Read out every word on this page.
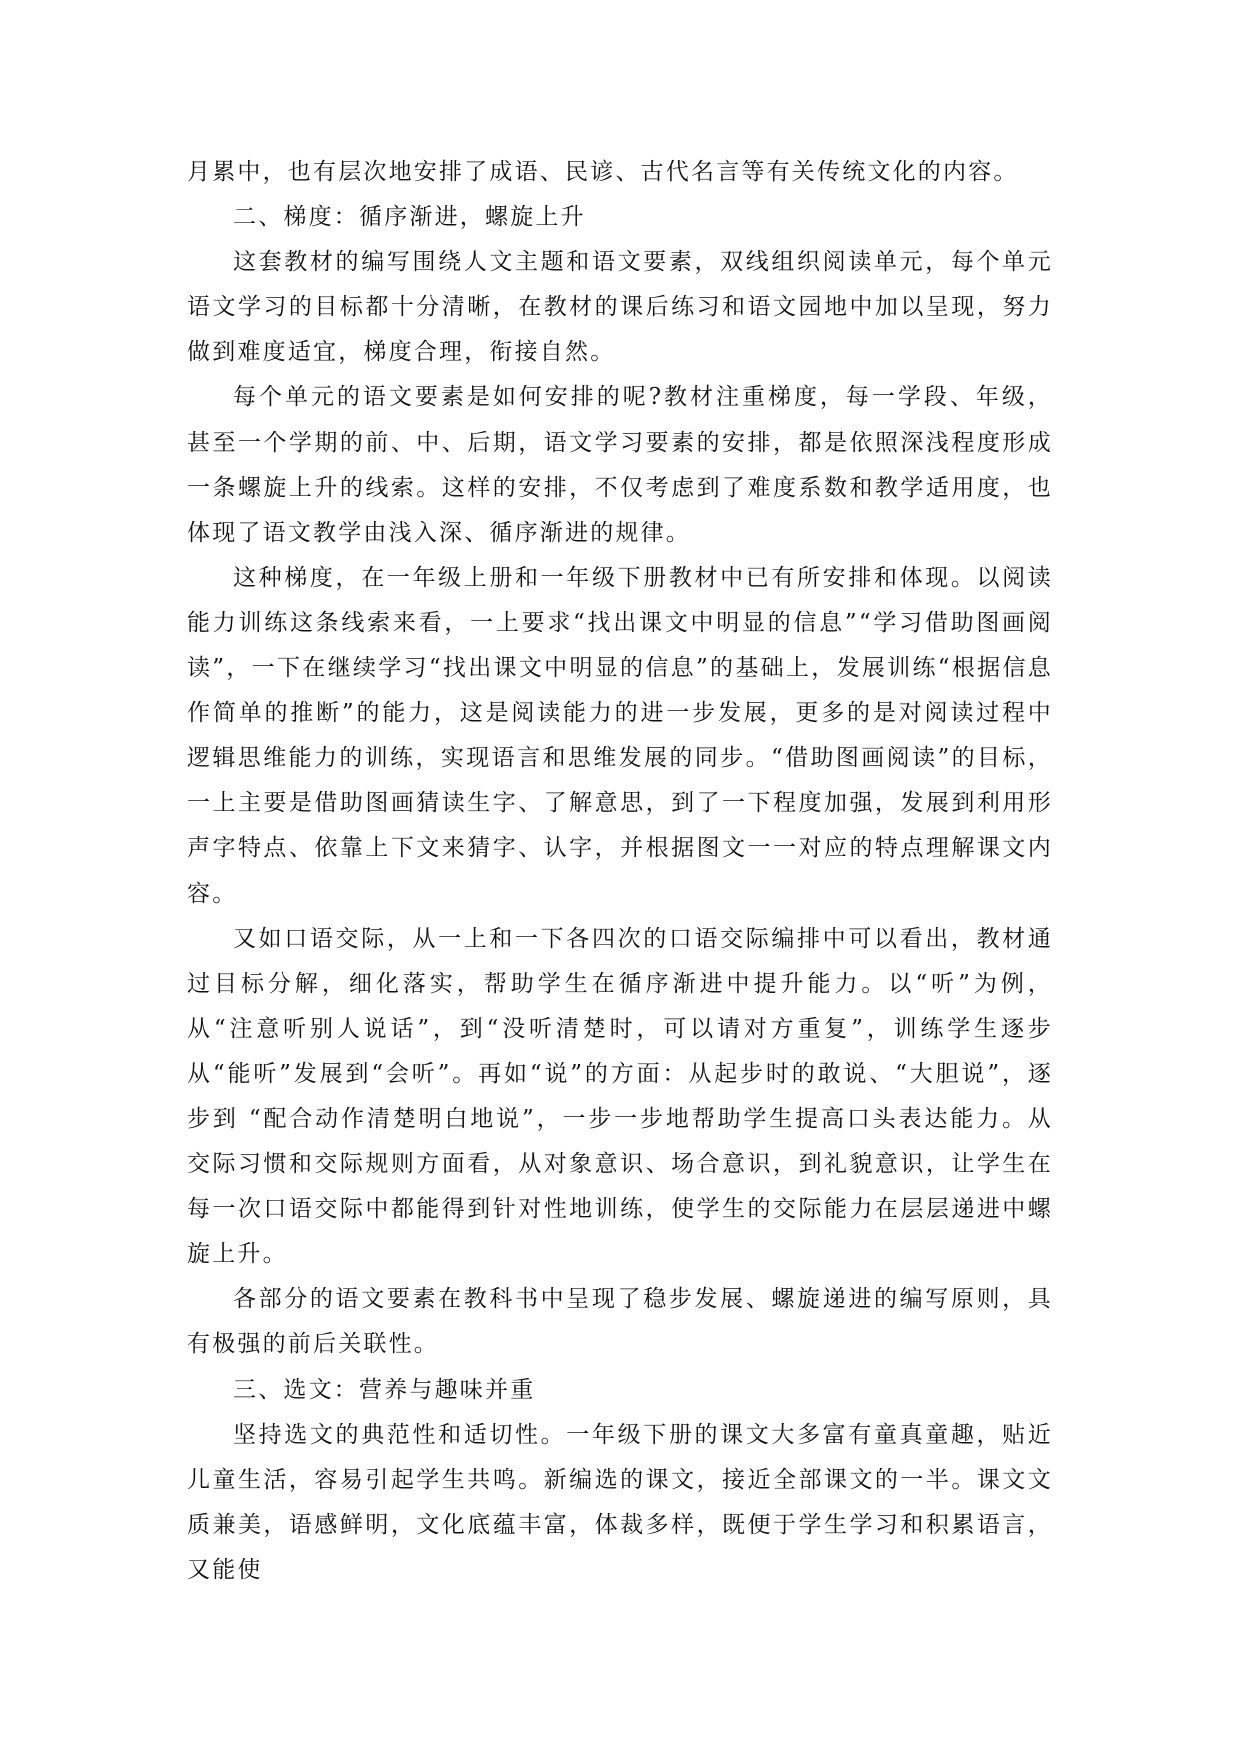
月累中，也有层次地安排了成语、民谚、古代名言等有关传统文化的内容。

二、梯度：循序渐进，螺旋上升

这套教材的编写围绕人文主题和语文要素，双线组织阅读单元，每个单元语文学习的目标都十分清晰，在教材的课后练习和语文园地中加以呈现，努力做到难度适宜，梯度合理，衔接自然。

每个单元的语文要素是如何安排的呢?教材注重梯度，每一学段、年级，甚至一个学期的前、中、后期，语文学习要素的安排，都是依照深浅程度形成一条螺旋上升的线索。这样的安排，不仅考虑到了难度系数和教学适用度，也体现了语文教学由浅入深、循序渐进的规律。

这种梯度，在一年级上册和一年级下册教材中已有所安排和体现。以阅读能力训练这条线索来看，一上要求“找出课文中明显的信息”“学习借助图画阅读”，一下在继续学习“找出课文中明显的信息”的基础上，发展训练“根据信息作简单的推断”的能力，这是阅读能力的进一步发展，更多的是对阅读过程中逻辑思维能力的训练，实现语言和思维发展的同步。“借助图画阅读”的目标，一上主要是借助图画猜读生字、了解意思，到了一下程度加强，发展到利用形声字特点、依靠上下文来猜字、认字，并根据图文一一对应的特点理解课文内容。

又如口语交际，从一上和一下各四次的口语交际编排中可以看出，教材通过目标分解，细化落实，帮助学生在循序渐进中提升能力。以“听”为例，从“注意听别人说话”，到“没听清楚时，可以请对方重复”，训练学生逐步从“能听”发展到“会听”。再如“说”的方面：从起步时的敢说、“大胆说”，逐步到 “配合动作清楚明白地说”，一步一步地帮助学生提高口头表达能力。从交际习惯和交际规则方面看，从对象意识、场合意识，到礼貌意识，让学生在每一次口语交际中都能得到针对性地训练，使学生的交际能力在层层递进中螺旋上升。

各部分的语文要素在教科书中呈现了稳步发展、螺旋递进的编写原则，具有极强的前后关联性。

三、选文：营养与趣味并重

坚持选文的典范性和适切性。一年级下册的课文大多富有童真童趣，贴近儿童生活，容易引起学生共鸣。新编选的课文，接近全部课文的一半。课文文质兼美，语感鲜明，文化底蕴丰富，体裁多样，既便于学生学习和积累语言，又能使
